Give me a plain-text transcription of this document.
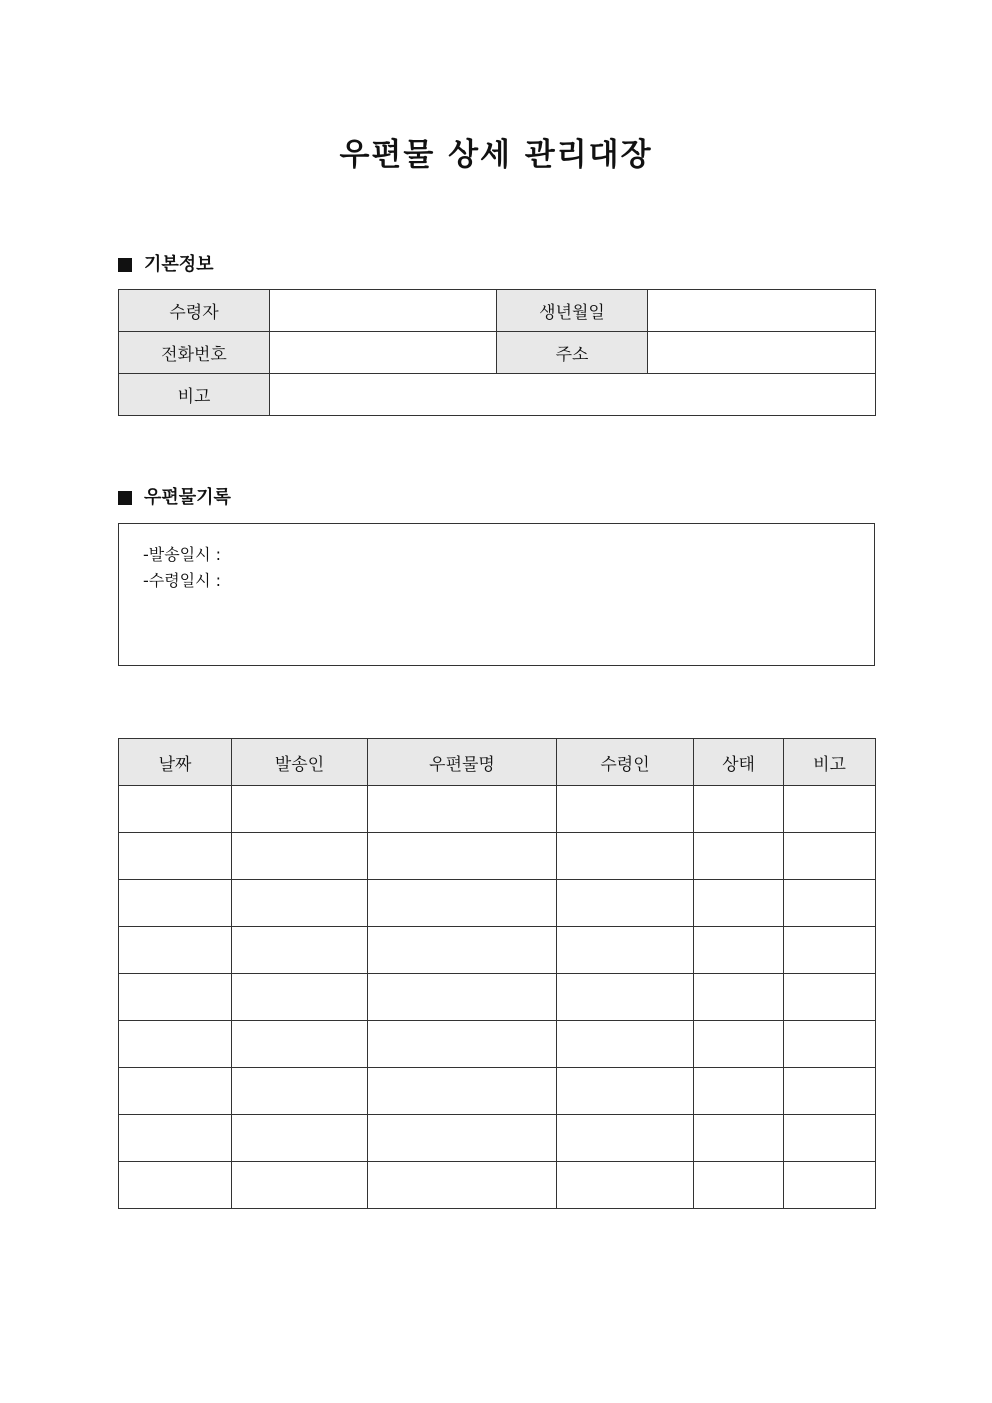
우편물 상세 관리대장
기본정보
수령자		생년월일	
전화번호		주소	
비고			
우편물기록
-발송일시 :
-수령일시 :
날짜	발송인	우편물명	수령인	상태	비고
